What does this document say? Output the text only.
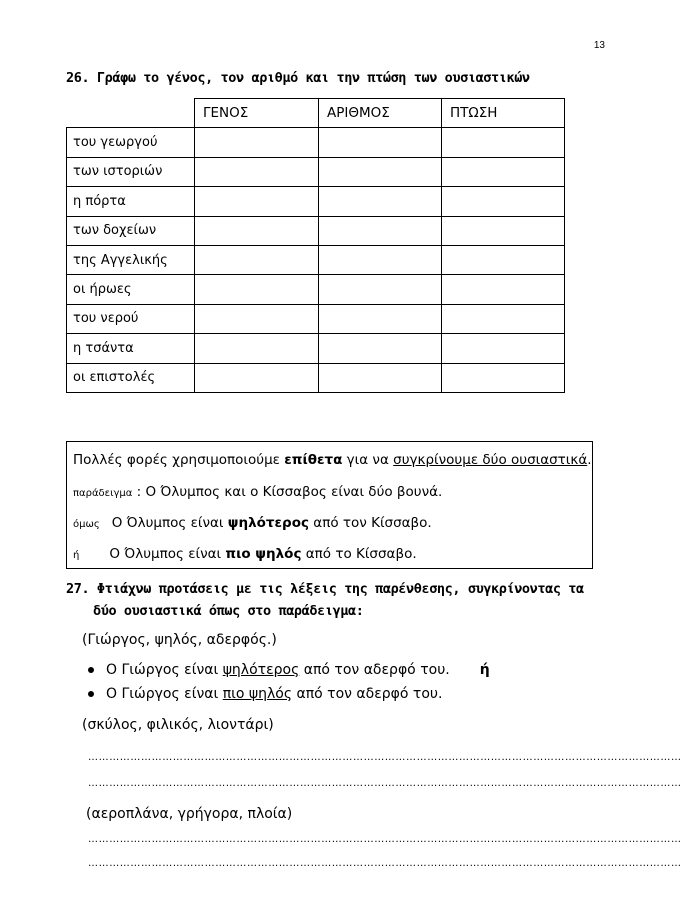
13
26. Γράφω το γένος, τον αριθμό και την πτώση των ουσιαστικών
	ΓΕΝΟΣ	ΑΡΙΘΜΟΣ	ΠΤΩΣΗ
του γεωργού			
των ιστοριών			
η πόρτα			
των δοχείων			
της Αγγελικής			
οι ήρωες			
του νερού			
η τσάντα			
οι επιστολές			
Πολλές φορές χρησιμοποιούμε επίθετα για να συγκρίνουμε δύο ουσιαστικά.
παράδειγμα : Ο Όλυμπος και ο Κίσσαβος είναι δύο βουνά.
όμως Ο Όλυμπος είναι ψηλότερος από τον Κίσσαβο.
ή Ο Όλυμπος είναι πιο ψηλός από το Κίσσαβο.
27. Φτιάχνω προτάσεις με τις λέξεις της παρένθεσης, συγκρίνοντας τα
δύο ουσιαστικά όπως στο παράδειγμα:
(Γιώργος, ψηλός, αδερφός.)
Ο Γιώργος είναι ψηλότερος από τον αδερφό του. ή
Ο Γιώργος είναι πιο ψηλός από τον αδερφό του.
(σκύλος, φιλικός, λιοντάρι)
……………………………………………………………………………………………………………………………………………………
……………………………………………………………………………………………………………………………………………………
(αεροπλάνα, γρήγορα, πλοία)
……………………………………………………………………………………………………………………………………………………
……………………………………………………………………………………………………………………………………………………
